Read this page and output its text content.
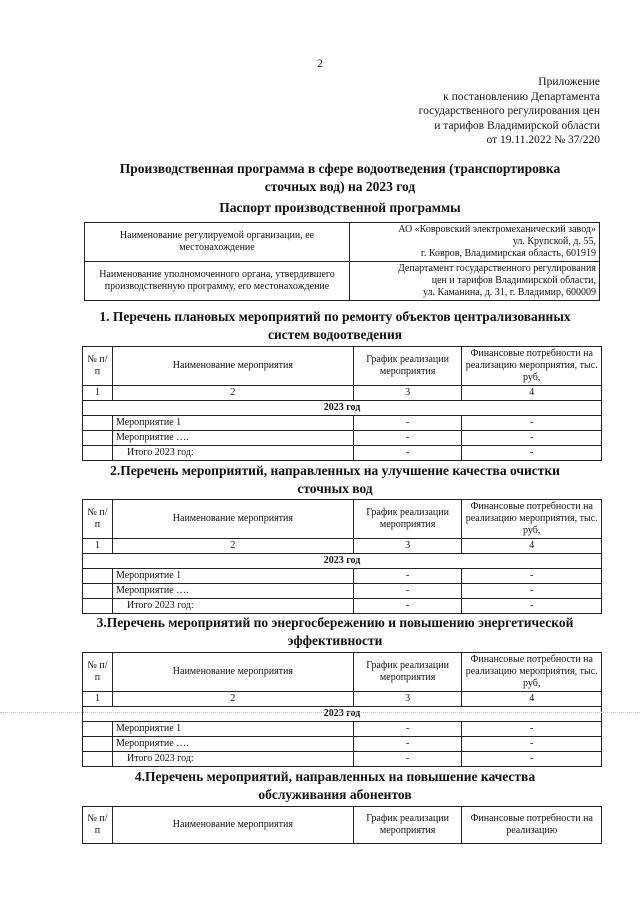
2
Приложение
к постановлению Департамента
государственного регулирования цен
и тарифов Владимирской области
от 19.11.2022 № 37/220
Производственная программа в сфере водоотведения (транспортировка
сточных вод) на 2023 год
Паспорт производственной программы
Наименование регулируемой организации, ее местонахождение	АО «Ковровский электромеханический завод»
ул. Крупской, д. 55,
г. Ковров, Владимирская область, 601919

Наименование уполномоченного органа, утвердившего производственную программу, его местонахождение	Департамент государственного регулирования
цен и тарифов Владимирской области,
ул. Каманина, д. 31, г. Владимир, 600009
1. Перечень плановых мероприятий по ремонту объектов централизованных
систем водоотведения
№ п/п	Наименование мероприятия	График реализации мероприятия	Финансовые потребности на реализацию мероприятия, тыс. руб,
1	2	3	4
2023 год			
	Мероприятие 1	-	-
	Мероприятие ….	-	-
	Итого 2023 год:	-	-
2.Перечень мероприятий, направленных на улучшение качества очистки
сточных вод
№ п/п	Наименование мероприятия	График реализации мероприятия	Финансовые потребности на реализацию мероприятия, тыс. руб,
1	2	3	4
2023 год			
	Мероприятие 1	-	-
	Мероприятие ….	-	-
	Итого 2023 год:	-	-
3.Перечень мероприятий по энергосбережению и повышению энергетической
эффективности
№ п/п	Наименование мероприятия	График реализации мероприятия	Финансовые потребности на реализацию мероприятия, тыс. руб,
1	2	3	4
2023 год			
	Мероприятие 1	-	-
	Мероприятие ….	-	-
	Итого 2023 год:	-	-
4.Перечень мероприятий, направленных на повышение качества
обслуживания абонентов
№ п/п	Наименование мероприятия	График реализации мероприятия	Финансовые потребности на реализацию
